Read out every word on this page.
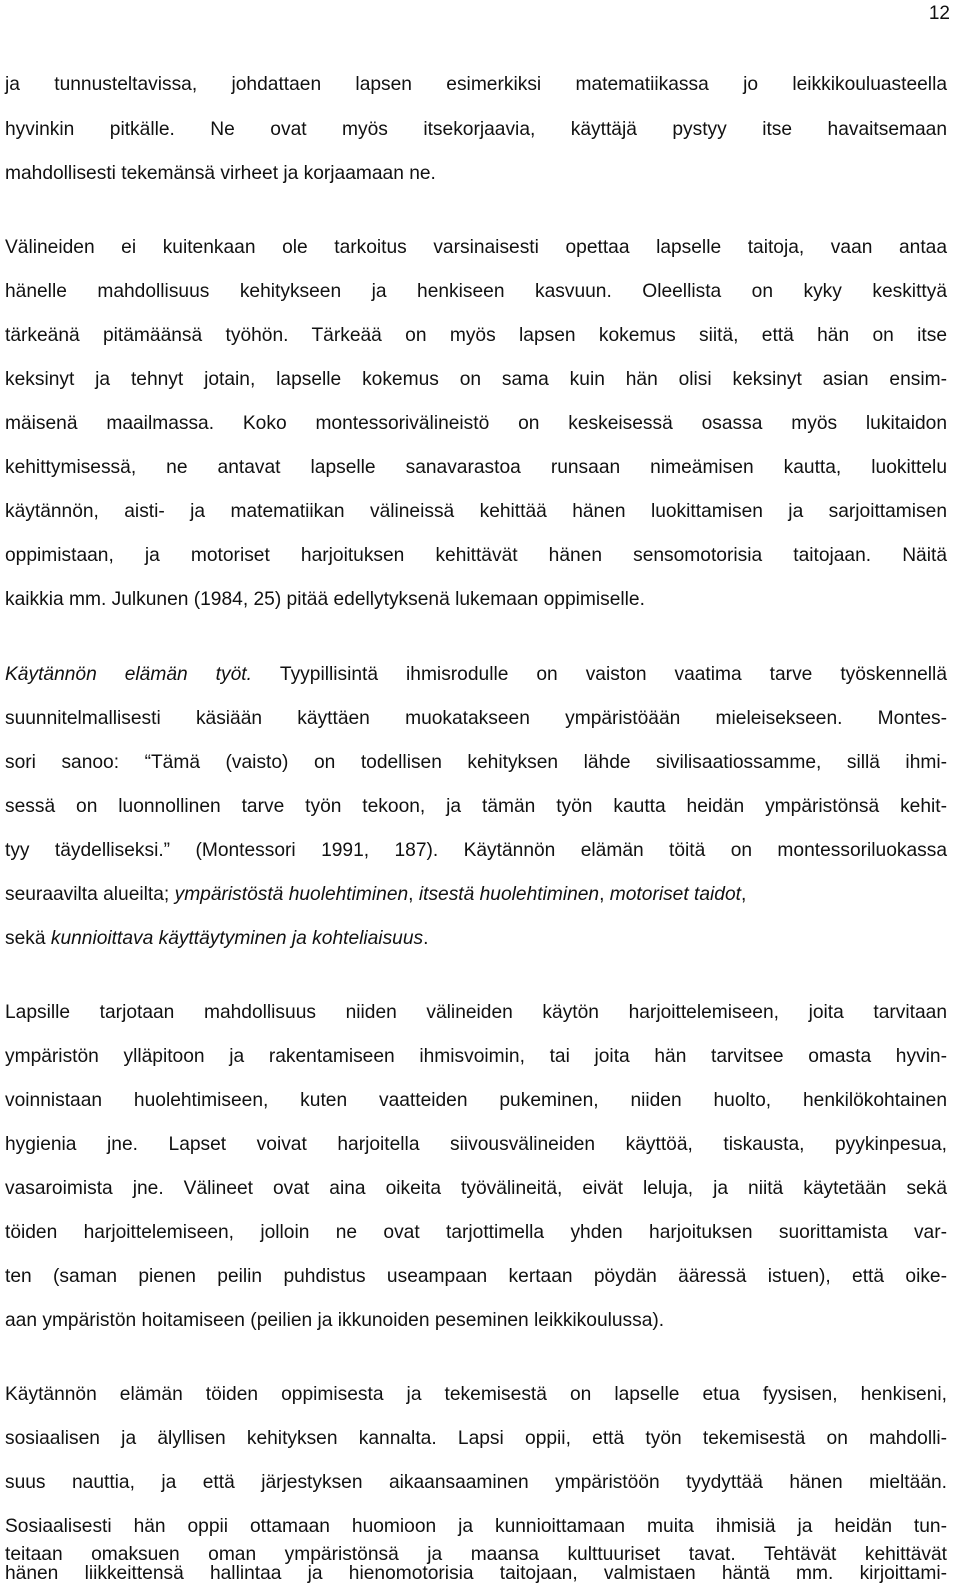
12
ja tunnusteltavissa, johdattaen lapsen esimerkiksi matematiikassa jo leikkikouluasteella
hyvinkin pitkälle. Ne ovat myös itsekorjaavia, käyttäjä pystyy itse havaitsemaan
mahdollisesti tekemänsä virheet ja korjaamaan ne.
Välineiden ei kuitenkaan ole tarkoitus varsinaisesti opettaa lapselle taitoja, vaan antaa
hänelle mahdollisuus kehitykseen ja henkiseen kasvuun. Oleellista on kyky keskittyä
tärkeänä pitämäänsä työhön. Tärkeää on myös lapsen kokemus siitä, että hän on itse
keksinyt ja tehnyt jotain, lapselle kokemus on sama kuin hän olisi keksinyt asian ensim-
mäisenä maailmassa. Koko montessorivälineistö on keskeisessä osassa myös lukitaidon
kehittymisessä, ne antavat lapselle sanavarastoa runsaan nimeämisen kautta, luokittelu
käytännön, aisti- ja matematiikan välineissä kehittää hänen luokittamisen ja sarjoittamisen
oppimistaan, ja motoriset harjoituksen kehittävät hänen sensomotorisia taitojaan. Näitä
kaikkia mm. Julkunen (1984, 25) pitää edellytyksenä lukemaan oppimiselle.
Käytännön elämän työt. Tyypillisintä ihmisrodulle on vaiston vaatima tarve työskennellä
suunnitelmallisesti käsiään käyttäen muokatakseen ympäristöään mieleisekseen. Montes-
sori sanoo: “Tämä (vaisto) on todellisen kehityksen lähde sivilisaatiossamme, sillä ihmi-
sessä on luonnollinen tarve työn tekoon, ja tämän työn kautta heidän ympäristönsä kehit-
tyy täydelliseksi.” (Montessori 1991, 187). Käytännön elämän töitä on montessoriluokassa
seuraavilta alueilta; ympäristöstä huolehtiminen, itsestä huolehtiminen, motoriset taidot,
sekä kunnioittava käyttäytyminen ja kohteliaisuus.
Lapsille tarjotaan mahdollisuus niiden välineiden käytön harjoittelemiseen, joita tarvitaan
ympäristön ylläpitoon ja rakentamiseen ihmisvoimin, tai joita hän tarvitsee omasta hyvin-
voinnistaan huolehtimiseen, kuten vaatteiden pukeminen, niiden huolto, henkilökohtainen
hygienia jne. Lapset voivat harjoitella siivousvälineiden käyttöä, tiskausta, pyykinpesua,
vasaroimista jne. Välineet ovat aina oikeita työvälineitä, eivät leluja, ja niitä käytetään sekä
töiden harjoittelemiseen, jolloin ne ovat tarjottimella yhden harjoituksen suorittamista var-
ten (saman pienen peilin puhdistus useampaan kertaan pöydän ääressä istuen), että oike-
aan ympäristön hoitamiseen (peilien ja ikkunoiden peseminen leikkikoulussa).
Käytännön elämän töiden oppimisesta ja tekemisestä on lapselle etua fyysisen, henkiseni,
sosiaalisen ja älyllisen kehityksen kannalta. Lapsi oppii, että työn tekemisestä on mahdolli-
suus nauttia, ja että järjestyksen aikaansaaminen ympäristöön tyydyttää hänen mieltään.
Sosiaalisesti hän oppii ottamaan huomioon ja kunnioittamaan muita ihmisiä ja heidän tun-
teitaan omaksuen oman ympäristönsä ja maansa kulttuuriset tavat. Tehtävät kehittävät
hänen liikkeittensä hallintaa ja hienomotorisia taitojaan, valmistaen häntä mm. kirjoittami-
